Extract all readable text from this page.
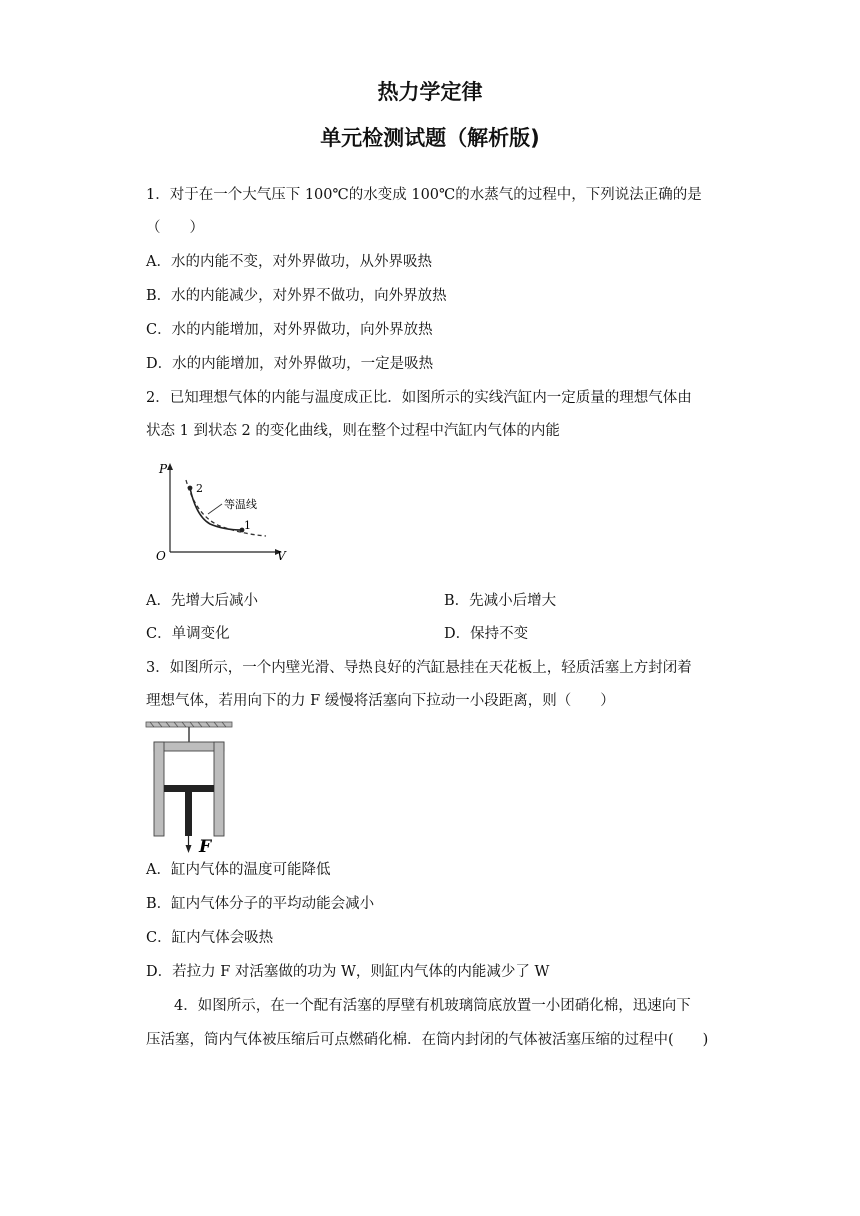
热力学定律
单元检测试题（解析版)
1．对于在一个大气压下 100℃的水变成 100℃的水蒸气的过程中，下列说法正确的是
（　　）
A．水的内能不变，对外界做功，从外界吸热
B．水的内能减少，对外界不做功，向外界放热
C．水的内能增加，对外界做功，向外界放热
D．水的内能增加，对外界做功，一定是吸热
2．已知理想气体的内能与温度成正比．如图所示的实线汽缸内一定质量的理想气体由
状态 1 到状态 2 的变化曲线，则在整个过程中汽缸内气体的内能
P
V
O
2
1
等温线
A．先增大后减小	B．先减小后增大
C．单调变化	D．保持不变
3．如图所示，一个内壁光滑、导热良好的汽缸悬挂在天花板上，轻质活塞上方封闭着
理想气体，若用向下的力 F 缓慢将活塞向下拉动一小段距离，则（　　）
F
A．缸内气体的温度可能降低
B．缸内气体分子的平均动能会减小
C．缸内气体会吸热
D．若拉力 F 对活塞做的功为 W，则缸内气体的内能减少了 W
4．如图所示，在一个配有活塞的厚壁有机玻璃筒底放置一小团硝化棉，迅速向下
压活塞，筒内气体被压缩后可点燃硝化棉．在筒内封闭的气体被活塞压缩的过程中(　　)
